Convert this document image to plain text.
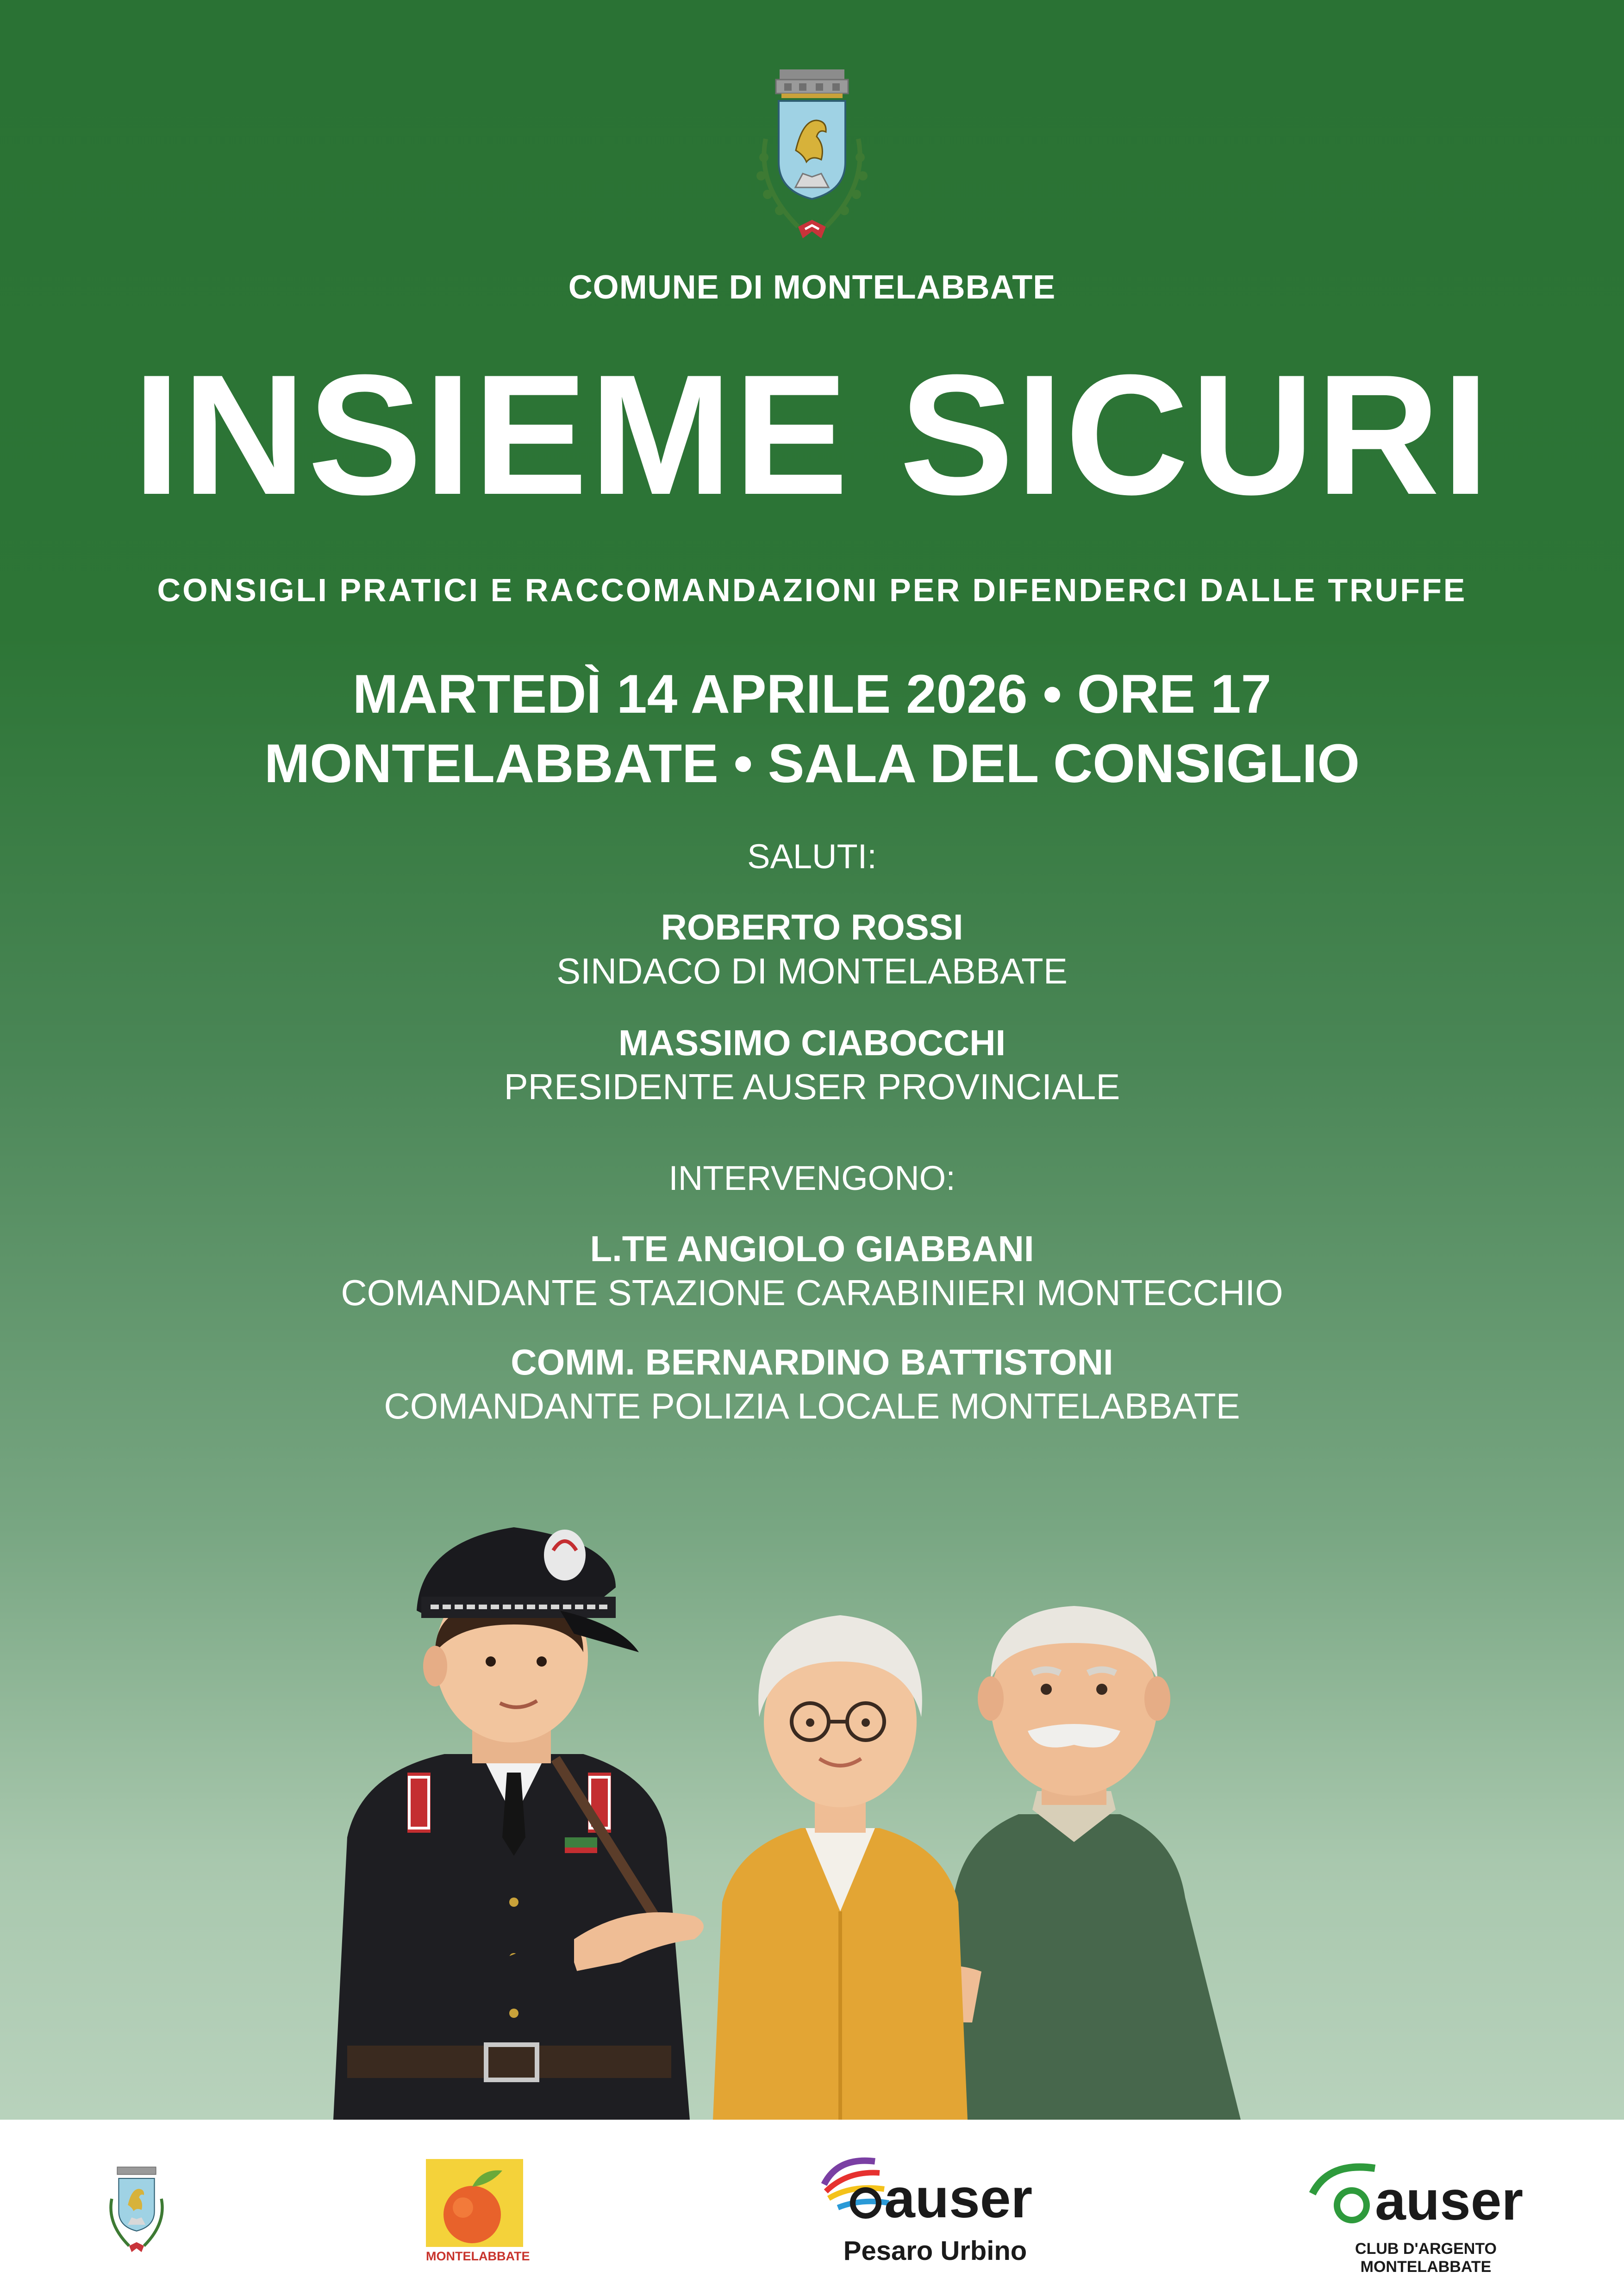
COMUNE DI MONTELABBATE
INSIEME SICURI
CONSIGLI PRATICI E RACCOMANDAZIONI PER DIFENDERCI DALLE TRUFFE
MARTEDÌ 14 APRILE 2026 • ORE 17
MONTELABBATE • SALA DEL CONSIGLIO
SALUTI:
ROBERTO ROSSI
SINDACO DI MONTELABBATE
MASSIMO CIABOCCHI
PRESIDENTE AUSER PROVINCIALE
INTERVENGONO:
L.TE ANGIOLO GIABBANI
COMANDANTE STAZIONE CARABINIERI MONTECCHIO
COMM. BERNARDINO BATTISTONI
COMANDANTE POLIZIA LOCALE MONTELABBATE
MONTELABBATE
auser
Pesaro Urbino
auser
CLUB D'ARGENTO MONTELABBATE
